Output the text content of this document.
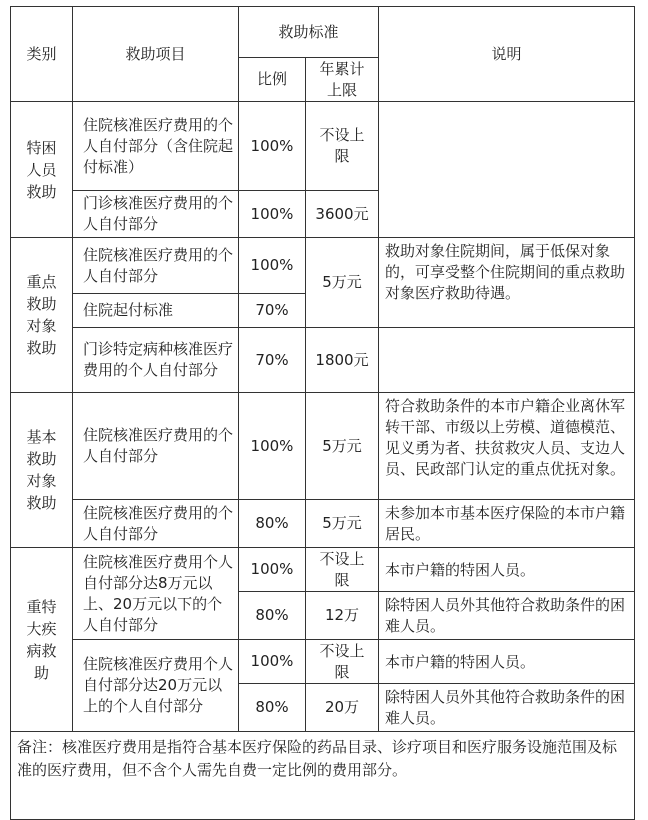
类别	救助项目	救助标准		说明
		比例	年累计上限	
特困人员救助	住院核准医疗费用的个人自付部分（含住院起付标准）	100%	不设上限	
	门诊核准医疗费用的个人自付部分	100%	3600元	
重点救助对象救助	住院核准医疗费用的个人自付部分	100%	5万元	救助对象住院期间，属于低保对象的，可享受整个住院期间的重点救助对象医疗救助待遇。
	住院起付标准	70%		
	门诊特定病种核准医疗费用的个人自付部分	70%	1800元	
基本救助对象救助	住院核准医疗费用的个人自付部分	100%	5万元	符合救助条件的本市户籍企业离休军转干部、市级以上劳模、道德模范、见义勇为者、扶贫救灾人员、支边人员、民政部门认定的重点优抚对象。
	住院核准医疗费用的个人自付部分	80%	5万元	未参加本市基本医疗保险的本市户籍居民。
重特大疾病救助	住院核准医疗费用个人自付部分达8万元以上、20万元以下的个人自付部分	100%	不设上限	本市户籍的特困人员。
		80%	12万	除特困人员外其他符合救助条件的困难人员。
	住院核准医疗费用个人自付部分达20万元以上的个人自付部分	100%	不设上限	本市户籍的特困人员。
		80%	20万	除特困人员外其他符合救助条件的困难人员。
备注：核准医疗费用是指符合基本医疗保险的药品目录、诊疗项目和医疗服务设施范围及标准的医疗费用，但不含个人需先自费一定比例的费用部分。				
